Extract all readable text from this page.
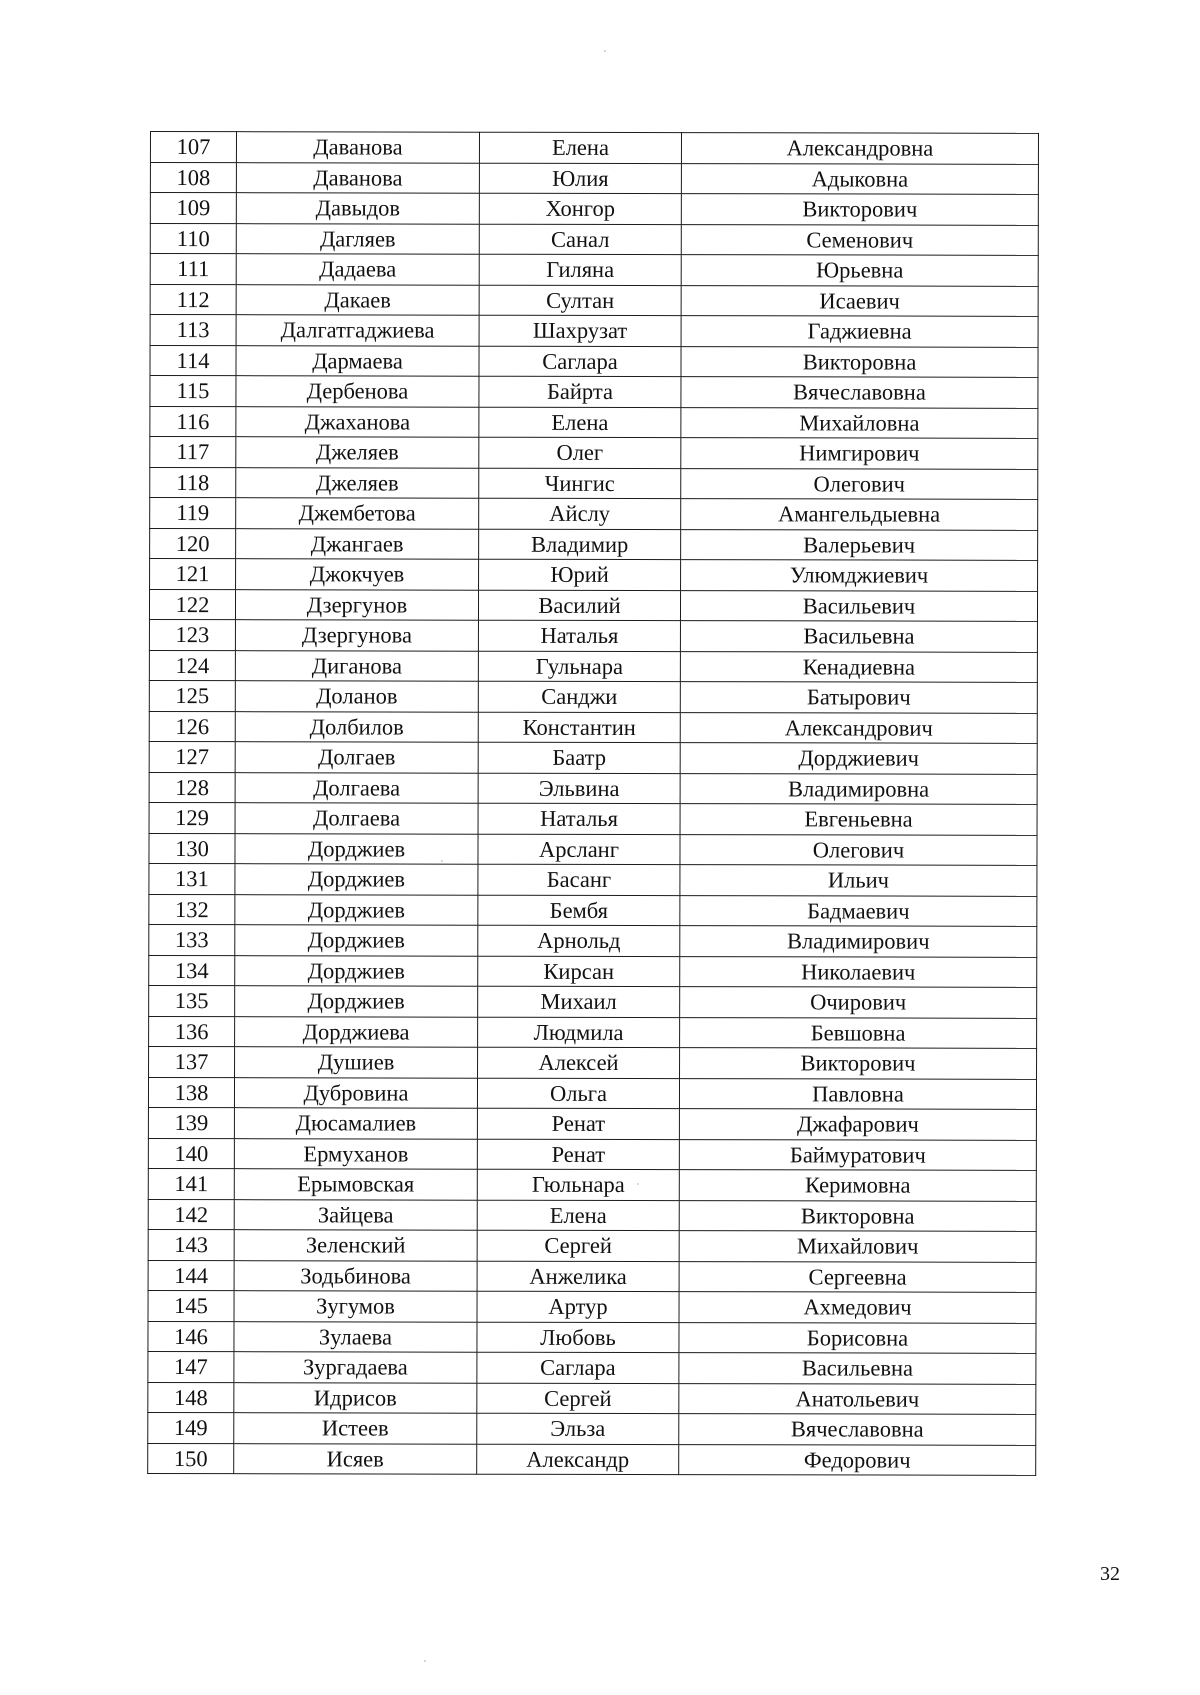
107	Даванова	Елена	Александровна
108	Даванова	Юлия	Адыковна
109	Давыдов	Хонгор	Викторович
110	Дагляев	Санал	Семенович
111	Дадаева	Гиляна	Юрьевна
112	Дакаев	Султан	Исаевич
113	Далгатгаджиева	Шахрузат	Гаджиевна
114	Дармаева	Саглара	Викторовна
115	Дербенова	Байрта	Вячеславовна
116	Джаханова	Елена	Михайловна
117	Джеляев	Олег	Нимгирович
118	Джеляев	Чингис	Олегович
119	Джембетова	Айслу	Амангельдыевна
120	Джангаев	Владимир	Валерьевич
121	Джокчуев	Юрий	Улюмджиевич
122	Дзергунов	Василий	Васильевич
123	Дзергунова	Наталья	Васильевна
124	Диганова	Гульнара	Кенадиевна
125	Доланов	Санджи	Батырович
126	Долбилов	Константин	Александрович
127	Долгаев	Баатр	Дорджиевич
128	Долгаева	Эльвина	Владимировна
129	Долгаева	Наталья	Евгеньевна
130	Дорджиев	Арсланг	Олегович
131	Дорджиев	Басанг	Ильич
132	Дорджиев	Бембя	Бадмаевич
133	Дорджиев	Арнольд	Владимирович
134	Дорджиев	Кирсан	Николаевич
135	Дорджиев	Михаил	Очирович
136	Дорджиева	Людмила	Бевшовна
137	Душиев	Алексей	Викторович
138	Дубровина	Ольга	Павловна
139	Дюсамалиев	Ренат	Джафарович
140	Ермуханов	Ренат	Баймуратович
141	Ерымовская	Гюльнара	Керимовна
142	Зайцева	Елена	Викторовна
143	Зеленский	Сергей	Михайлович
144	Зодьбинова	Анжелика	Сергеевна
145	Зугумов	Артур	Ахмедович
146	Зулаева	Любовь	Борисовна
147	Зургадаева	Саглара	Васильевна
148	Идрисов	Сергей	Анатольевич
149	Истеев	Эльза	Вячеславовна
150	Исяев	Александр	Федорович
32
